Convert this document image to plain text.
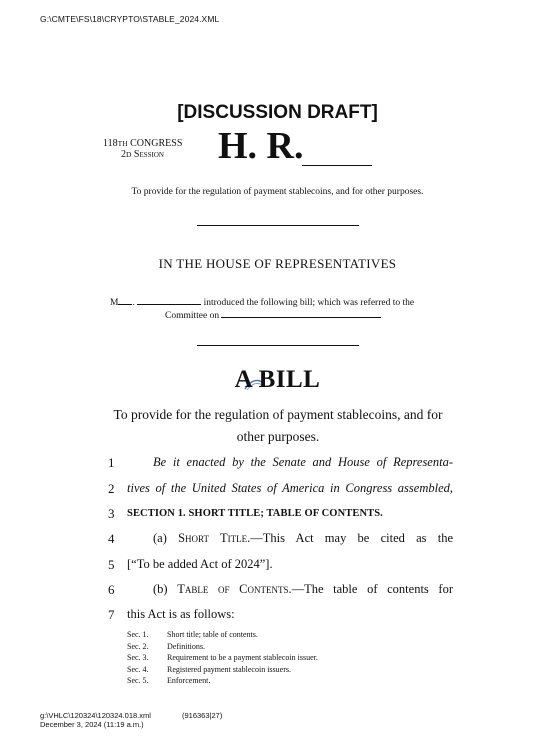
G:\CMTE\FS\18\CRYPTO\STABLE_2024.XML
[DISCUSSION DRAFT]
118TH CONGRESS
2D Session	H. R.
To provide for the regulation of payment stablecoins, and for other purposes.
IN THE HOUSE OF REPRESENTATIVES
M .	introduced the following bill; which was referred to the
Committee on
A BILL
To provide for the regulation of payment stablecoins, and for other purposes.
1	Be it enacted by the Senate and House of Representa-
2	tives of the United States of America in Congress assembled,
3	SECTION 1. SHORT TITLE; TABLE OF CONTENTS.
4	(a) Short Title.—This Act may be cited as the
5	[“To be added Act of 2024”].
6	(b) Table of Contents.—The table of contents for
7	this Act is as follows:
Sec. 1.	Short title; table of contents.
Sec. 2.	Definitions.
Sec. 3.	Requirement to be a payment stablecoin issuer.
Sec. 4.	Registered payment stablecoin issuers.
Sec. 5.	Enforcement.
g:\VHLC\120324\120324.018.xml	(916363|27)
December 3, 2024 (11:19 a.m.)
